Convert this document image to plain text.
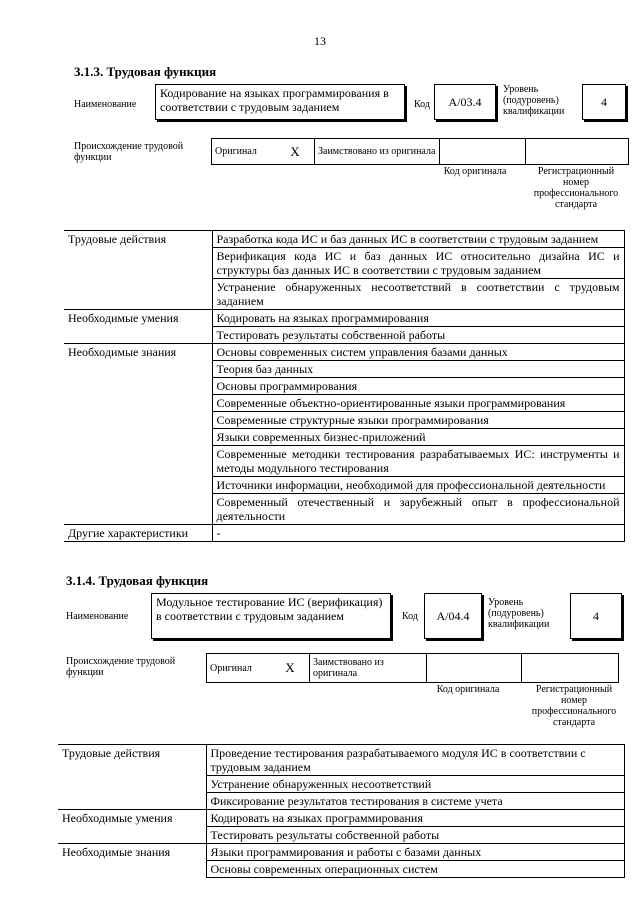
13
3.1.3. Трудовая функция
Наименование
Кодирование на языках программирования в соответствии с трудовым заданием	Код	A/03.4
Уровень (подуровень) квалификации
4
Происхождение трудовой функции
Оригинал	X	Заимствовано из оригинала		
Код оригинала	Регистрационный номер профессионального стандарта
Трудовые действия	Разработка кода ИС и баз данных ИС в соответствии с трудовым заданием
	Верификация кода ИС и баз данных ИС относительно дизайна ИС и структуры баз данных ИС в соответствии с трудовым заданием
	Устранение обнаруженных несоответствий в соответствии с трудовым заданием
Необходимые умения	Кодировать на языках программирования
	Тестировать результаты собственной работы
Необходимые знания	Основы современных систем управления базами данных
	Теория баз данных
	Основы программирования
	Современные объектно-ориентированные языки программирования
	Современные структурные языки программирования
	Языки современных бизнес-приложений
	Современные методики тестирования разрабатываемых ИС: инструменты и методы модульного тестирования
	Источники информации, необходимой для профессиональной деятельности
	Современный отечественный и зарубежный опыт в профессиональной деятельности
Другие характеристики	-
3.1.4. Трудовая функция
Наименование
Модульное тестирование ИС (верификация) в соответствии с трудовым заданием	Код	A/04.4
Уровень (подуровень) квалификации
4
Происхождение трудовой функции	Оригинал	X	Заимствовано из оригинала		
Код оригинала	Регистрационный номер профессионального стандарта
Трудовые действия	Проведение тестирования разрабатываемого модуля ИС в соответствии с трудовым заданием
	Устранение обнаруженных несоответствий
	Фиксирование результатов тестирования в системе учета
Необходимые умения	Кодировать на языках программирования
	Тестировать результаты собственной работы
Необходимые знания	Языки программирования и работы с базами данных
	Основы современных операционных систем
